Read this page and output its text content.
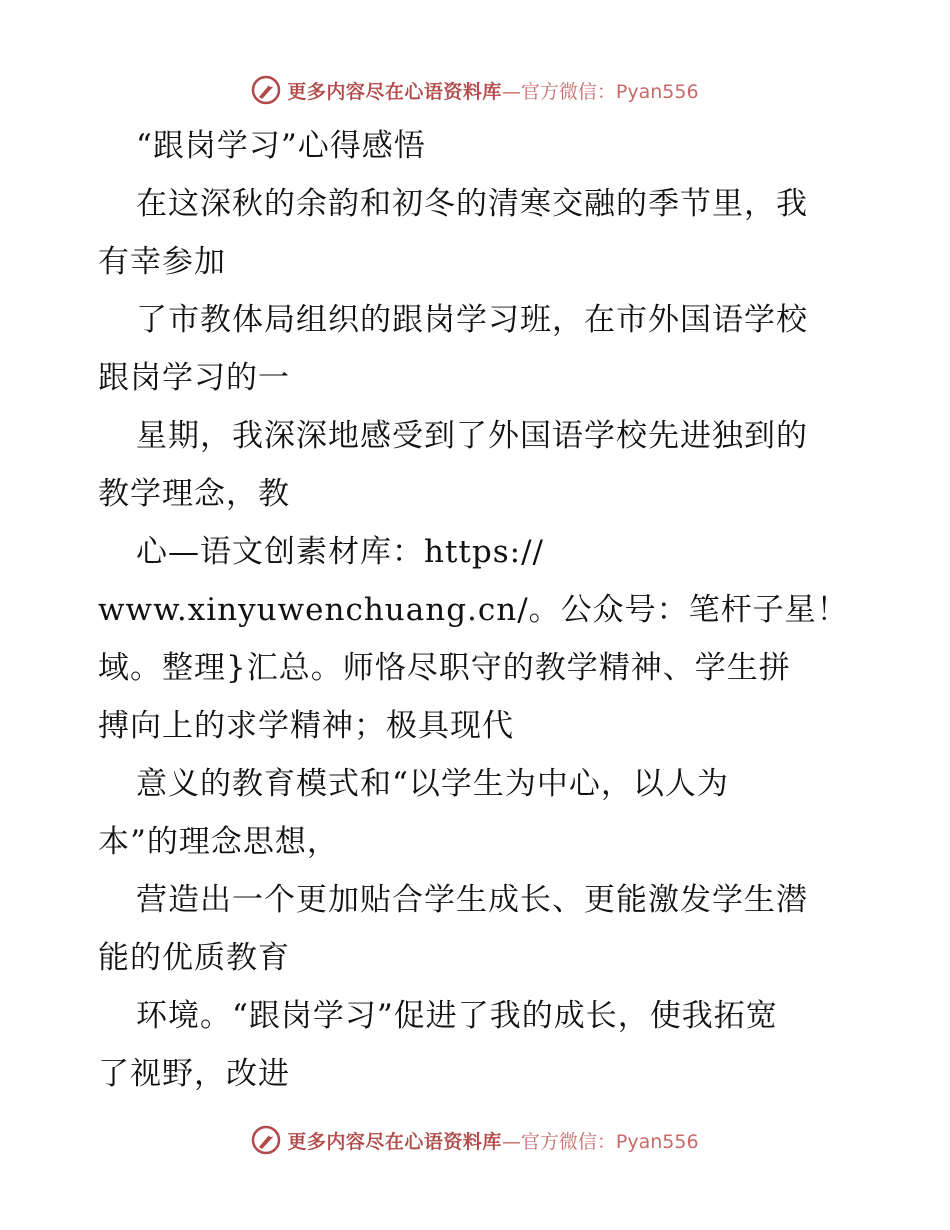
更多内容尽在心语资料库 —官方微信：Pyan556
“跟岗学习”心得感悟
在这深秋的余韵和初冬的清寒交融的季节里，我
有幸参加
了市教体局组织的跟岗学习班，在市外国语学校
跟岗学习的一
星期，我深深地感受到了外国语学校先进独到的
教学理念，教
心—语文创素材库：https://
www.xinyuwenchuang.cn/。公众号：笔杆子星！
域。整理}汇总。师恪尽职守的教学精神、学生拼
搏向上的求学精神；极具现代
意义的教育模式和“以学生为中心，以人为
本”的理念思想，
营造出一个更加贴合学生成长、更能激发学生潜
能的优质教育
环境。“跟岗学习”促进了我的成长，使我拓宽
了视野，改进
更多内容尽在心语资料库 —官方微信：Pyan556
